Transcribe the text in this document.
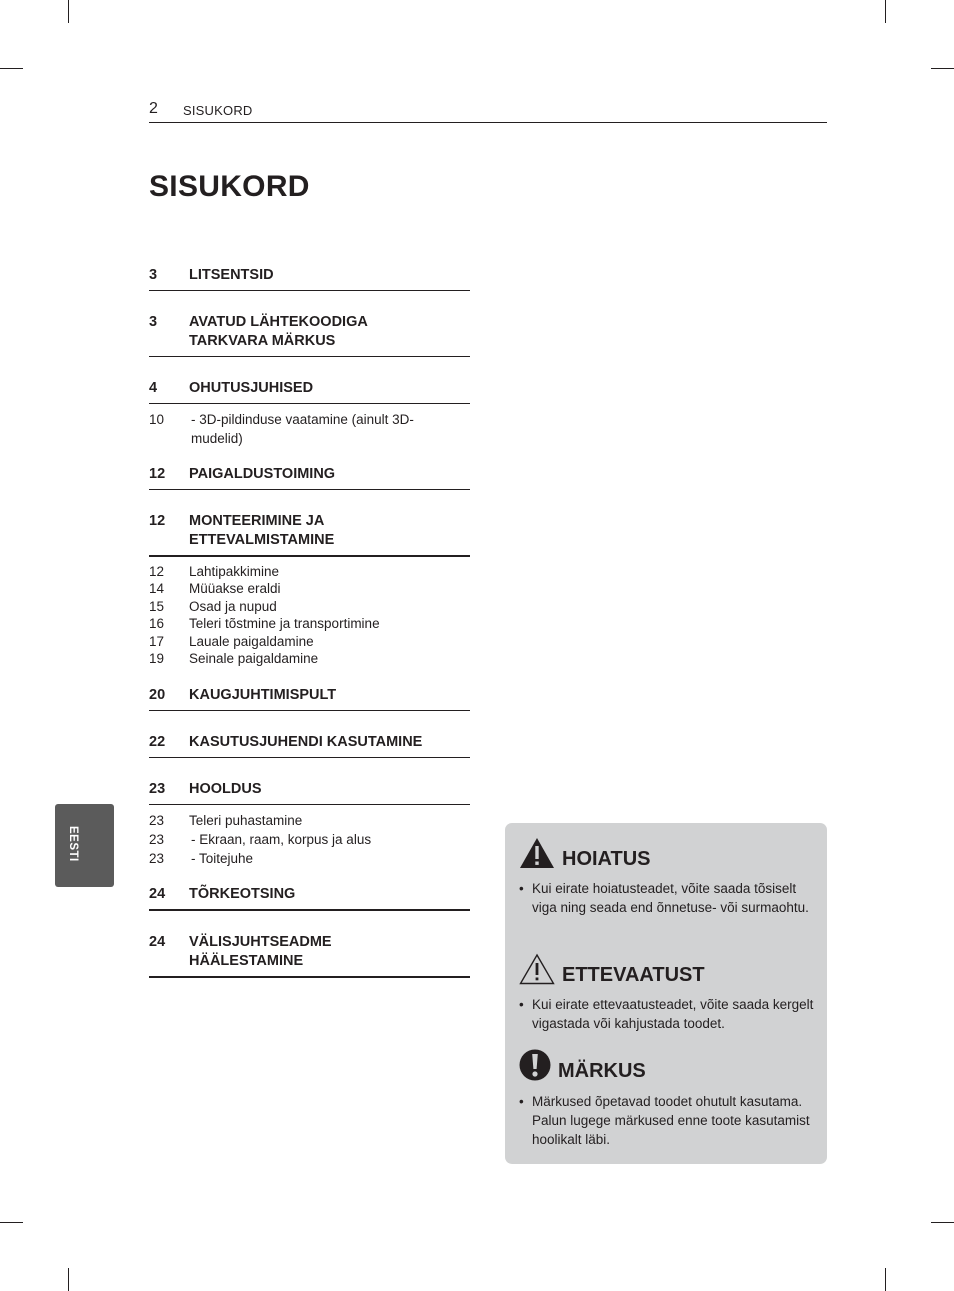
2 SISUKORD
SISUKORD
3	LITSENTSID
3	AVATUD LÄHTEKOODIGA TARKVARA MÄRKUS
4	OHUTUSJUHISED
10	- 3D-pildinduse vaatamine (ainult 3D-mudelid)
12	PAIGALDUSTOIMING
12	MONTEERIMINE JA ETTEVALMISTAMINE
12	Lahtipakkimine
14	Müüakse eraldi
15	Osad ja nupud
16	Teleri tõstmine ja transportimine
17	Lauale paigaldamine
19	Seinale paigaldamine
20	KAUGJUHTIMISPULT
22	KASUTUSJUHENDI KASUTAMINE
23	HOOLDUS
23	Teleri puhastamine
23	- Ekraan, raam, korpus ja alus
23	- Toitejuhe
24	TÕRKEOTSING
24	VÄLISJUHTSEADME HÄÄLESTAMINE
EESTI	HOIATUS
• Kui eirate hoiatusteadet, võite saada tõsiselt viga ning seada end õnnetuse- või surmaohtu.
ETTEVAATUST
• Kui eirate ettevaatusteadet, võite saada kergelt vigastada või kahjustada toodet.
MÄRKUS
• Märkused õpetavad toodet ohutult kasutama. Palun lugege märkused enne toote kasutamist hoolikalt läbi.
